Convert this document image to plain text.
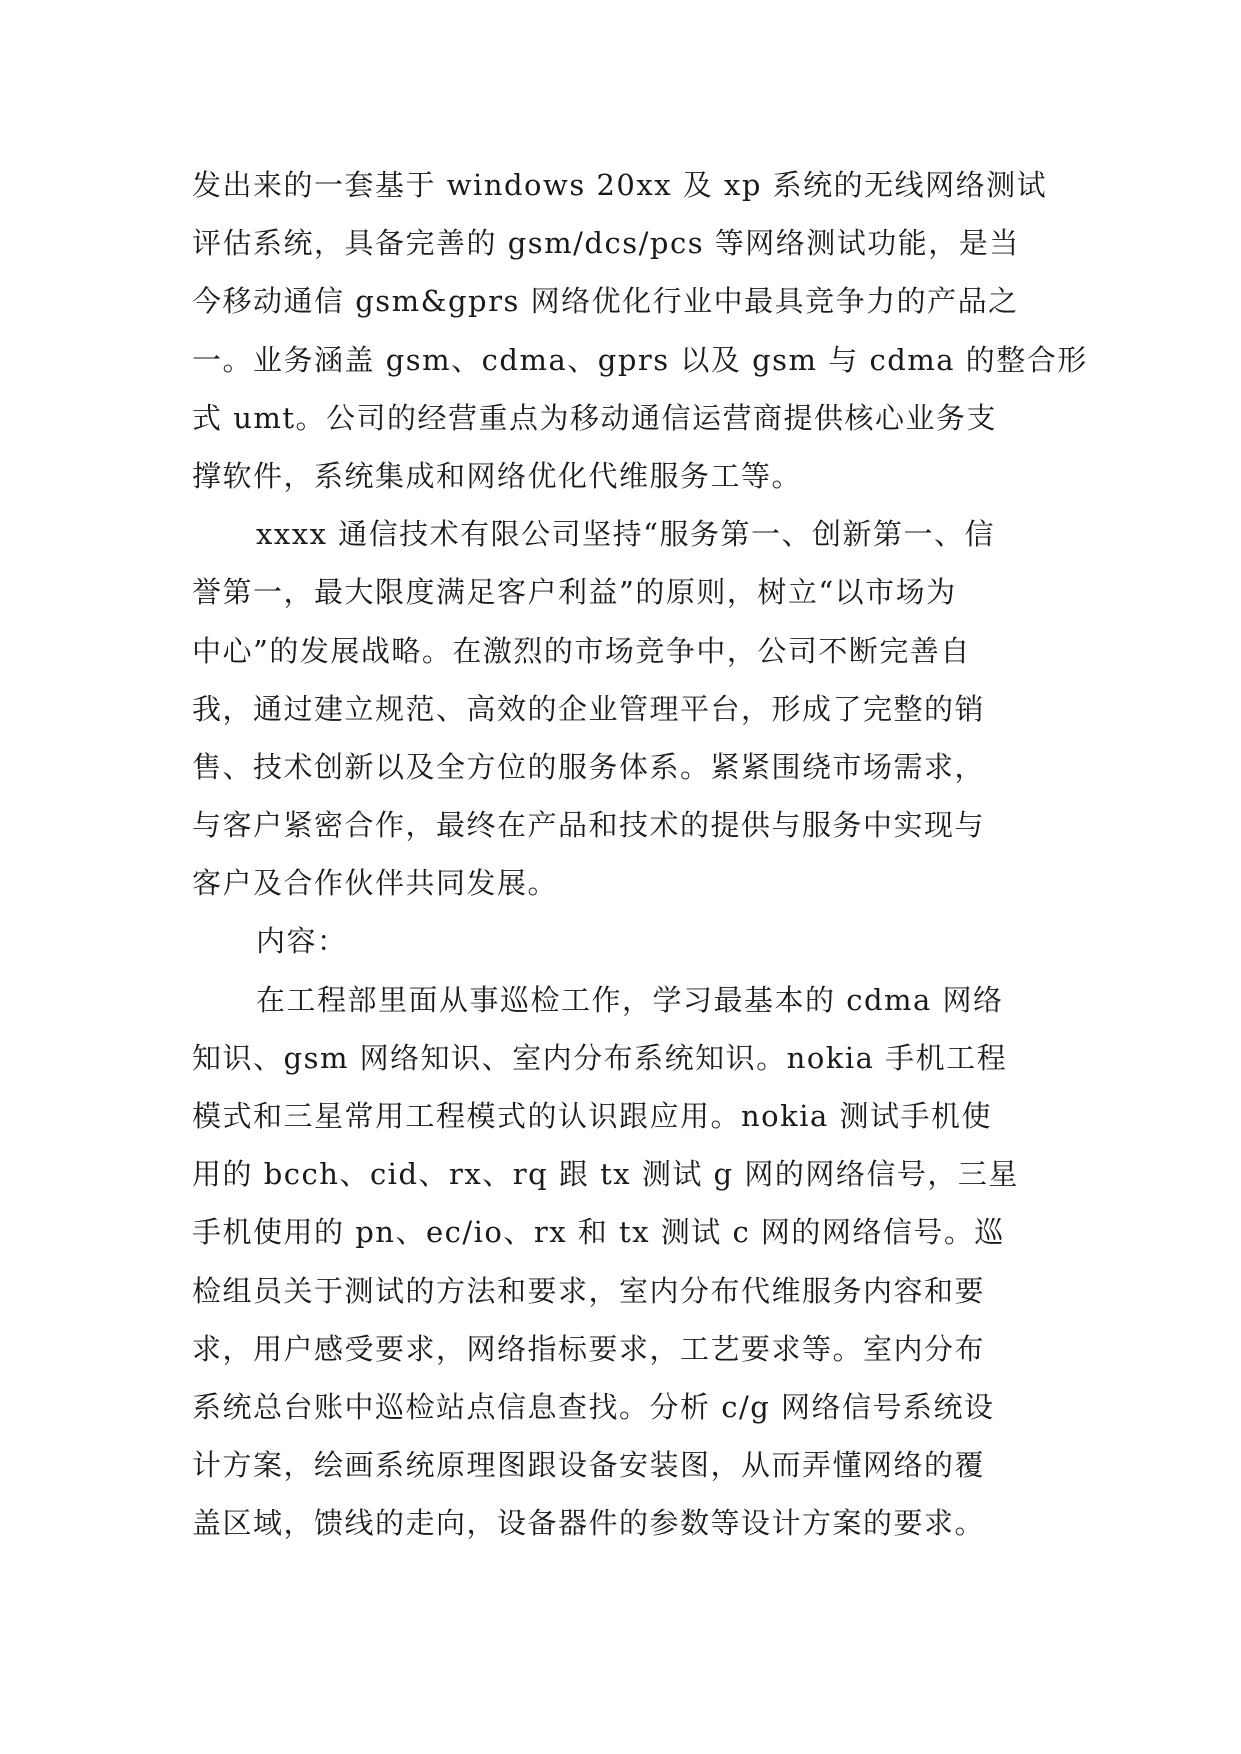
发出来的一套基于 windows 20xx 及 xp 系统的无线网络测试
评估系统，具备完善的 gsm/dcs/pcs 等网络测试功能，是当
今移动通信 gsm&gprs 网络优化行业中最具竞争力的产品之
一。业务涵盖 gsm、cdma、gprs 以及 gsm 与 cdma 的整合形
式 umt。公司的经营重点为移动通信运营商提供核心业务支
撑软件，系统集成和网络优化代维服务工等。
xxxx 通信技术有限公司坚持“服务第一、创新第一、信
誉第一，最大限度满足客户利益”的原则，树立“以市场为
中心”的发展战略。在激烈的市场竞争中，公司不断完善自
我，通过建立规范、高效的企业管理平台，形成了完整的销
售、技术创新以及全方位的服务体系。紧紧围绕市场需求，
与客户紧密合作，最终在产品和技术的提供与服务中实现与
客户及合作伙伴共同发展。
内容：
在工程部里面从事巡检工作，学习最基本的 cdma 网络
知识、gsm 网络知识、室内分布系统知识。nokia 手机工程
模式和三星常用工程模式的认识跟应用。nokia 测试手机使
用的 bcch、cid、rx、rq 跟 tx 测试 g 网的网络信号，三星
手机使用的 pn、ec/io、rx 和 tx 测试 c 网的网络信号。巡
检组员关于测试的方法和要求，室内分布代维服务内容和要
求，用户感受要求，网络指标要求，工艺要求等。室内分布
系统总台账中巡检站点信息查找。分析 c/g 网络信号系统设
计方案，绘画系统原理图跟设备安装图，从而弄懂网络的覆
盖区域，馈线的走向，设备器件的参数等设计方案的要求。
